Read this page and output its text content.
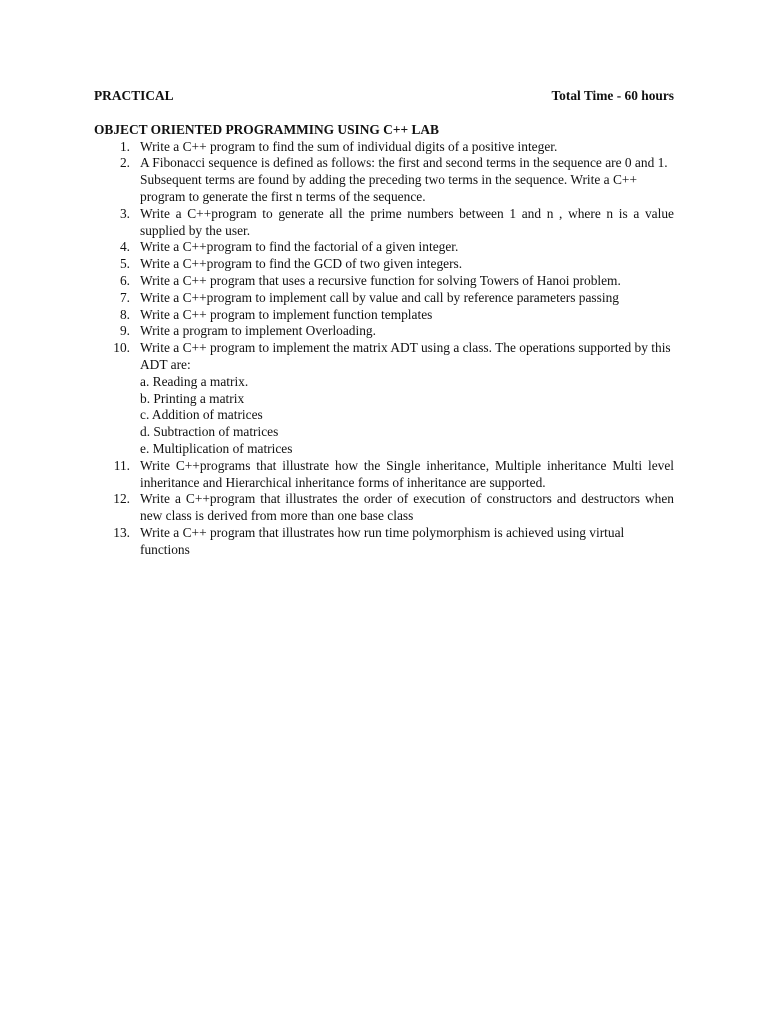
PRACTICAL	Total Time - 60 hours
OBJECT ORIENTED PROGRAMMING USING C++ LAB
1. Write a C++ program to find the sum of individual digits of a positive integer.
2. A Fibonacci sequence is defined as follows: the first and second terms in the sequence are 0 and 1. Subsequent terms are found by adding the preceding two terms in the sequence. Write a C++ program to generate the first n terms of the sequence.
3. Write a C++program to generate all the prime numbers between 1 and n , where n is a value supplied by the user.
4. Write a C++program to find the factorial of a given integer.
5. Write a C++program to find the GCD of two given integers.
6. Write a C++ program that uses a recursive function for solving Towers of Hanoi problem.
7. Write a C++program to implement call by value and call by reference parameters passing
8. Write a C++ program to implement function templates
9. Write a program to implement Overloading.
10. Write a C++ program to implement the matrix ADT using a class. The operations supported by this ADT are:
a. Reading a matrix.
b. Printing a matrix
c. Addition of matrices
d. Subtraction of matrices
e. Multiplication of matrices
11. Write C++programs that illustrate how the Single inheritance, Multiple inheritance Multi level inheritance and Hierarchical inheritance forms of inheritance are supported.
12. Write a C++program that illustrates the order of execution of constructors and destructors when new class is derived from more than one base class
13. Write a C++ program that illustrates how run time polymorphism is achieved using virtual functions
